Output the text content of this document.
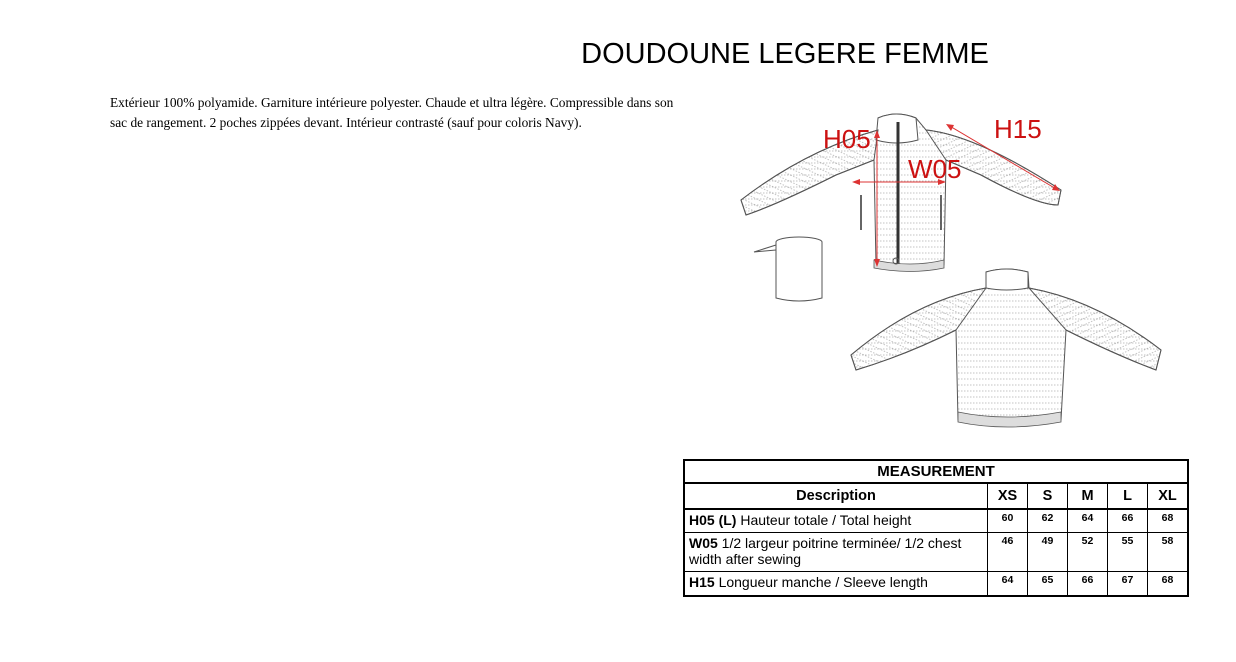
DOUDOUNE LEGERE FEMME
Extérieur 100% polyamide. Garniture intérieure polyester. Chaude et ultra légère. Compressible dans son sac de rangement. 2 poches zippées devant. Intérieur contrasté (sauf pour coloris Navy).
H05
W05
H15
MEASUREMENT					
Description	XS	S	M	L	XL
H05 (L) Hauteur totale / Total height	60	62	64	66	68
W05 1/2 largeur poitrine terminée/ 1/2 chest width after sewing	46	49	52	55	58
H15 Longueur manche / Sleeve length	64	65	66	67	68
